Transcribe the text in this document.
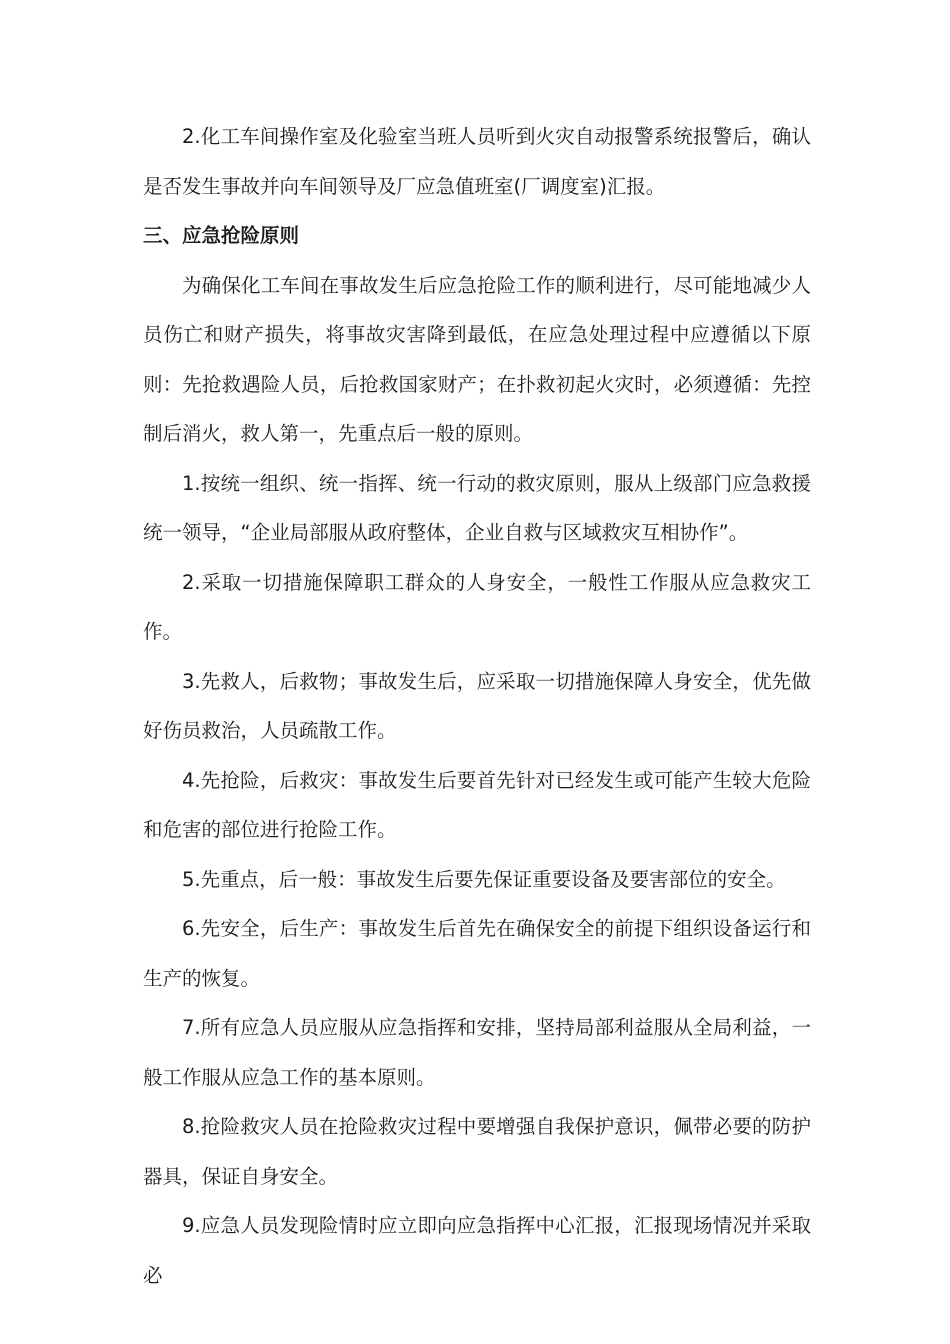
2.化工车间操作室及化验室当班人员听到火灾自动报警系统报警后，确认是否发生事故并向车间领导及厂应急值班室(厂调度室)汇报。

三、应急抢险原则

为确保化工车间在事故发生后应急抢险工作的顺利进行，尽可能地减少人员伤亡和财产损失，将事故灾害降到最低，在应急处理过程中应遵循以下原则：先抢救遇险人员，后抢救国家财产；在扑救初起火灾时，必须遵循：先控制后消火，救人第一，先重点后一般的原则。

1.按统一组织、统一指挥、统一行动的救灾原则，服从上级部门应急救援统一领导，“企业局部服从政府整体，企业自救与区域救灾互相协作”。

2.采取一切措施保障职工群众的人身安全，一般性工作服从应急救灾工作。

3.先救人，后救物；事故发生后，应采取一切措施保障人身安全，优先做好伤员救治，人员疏散工作。

4.先抢险，后救灾：事故发生后要首先针对已经发生或可能产生较大危险和危害的部位进行抢险工作。

5.先重点，后一般：事故发生后要先保证重要设备及要害部位的安全。

6.先安全，后生产：事故发生后首先在确保安全的前提下组织设备运行和生产的恢复。

7.所有应急人员应服从应急指挥和安排，坚持局部利益服从全局利益，一般工作服从应急工作的基本原则。

8.抢险救灾人员在抢险救灾过程中要增强自我保护意识，佩带必要的防护器具，保证自身安全。

9.应急人员发现险情时应立即向应急指挥中心汇报，汇报现场情况并采取必
